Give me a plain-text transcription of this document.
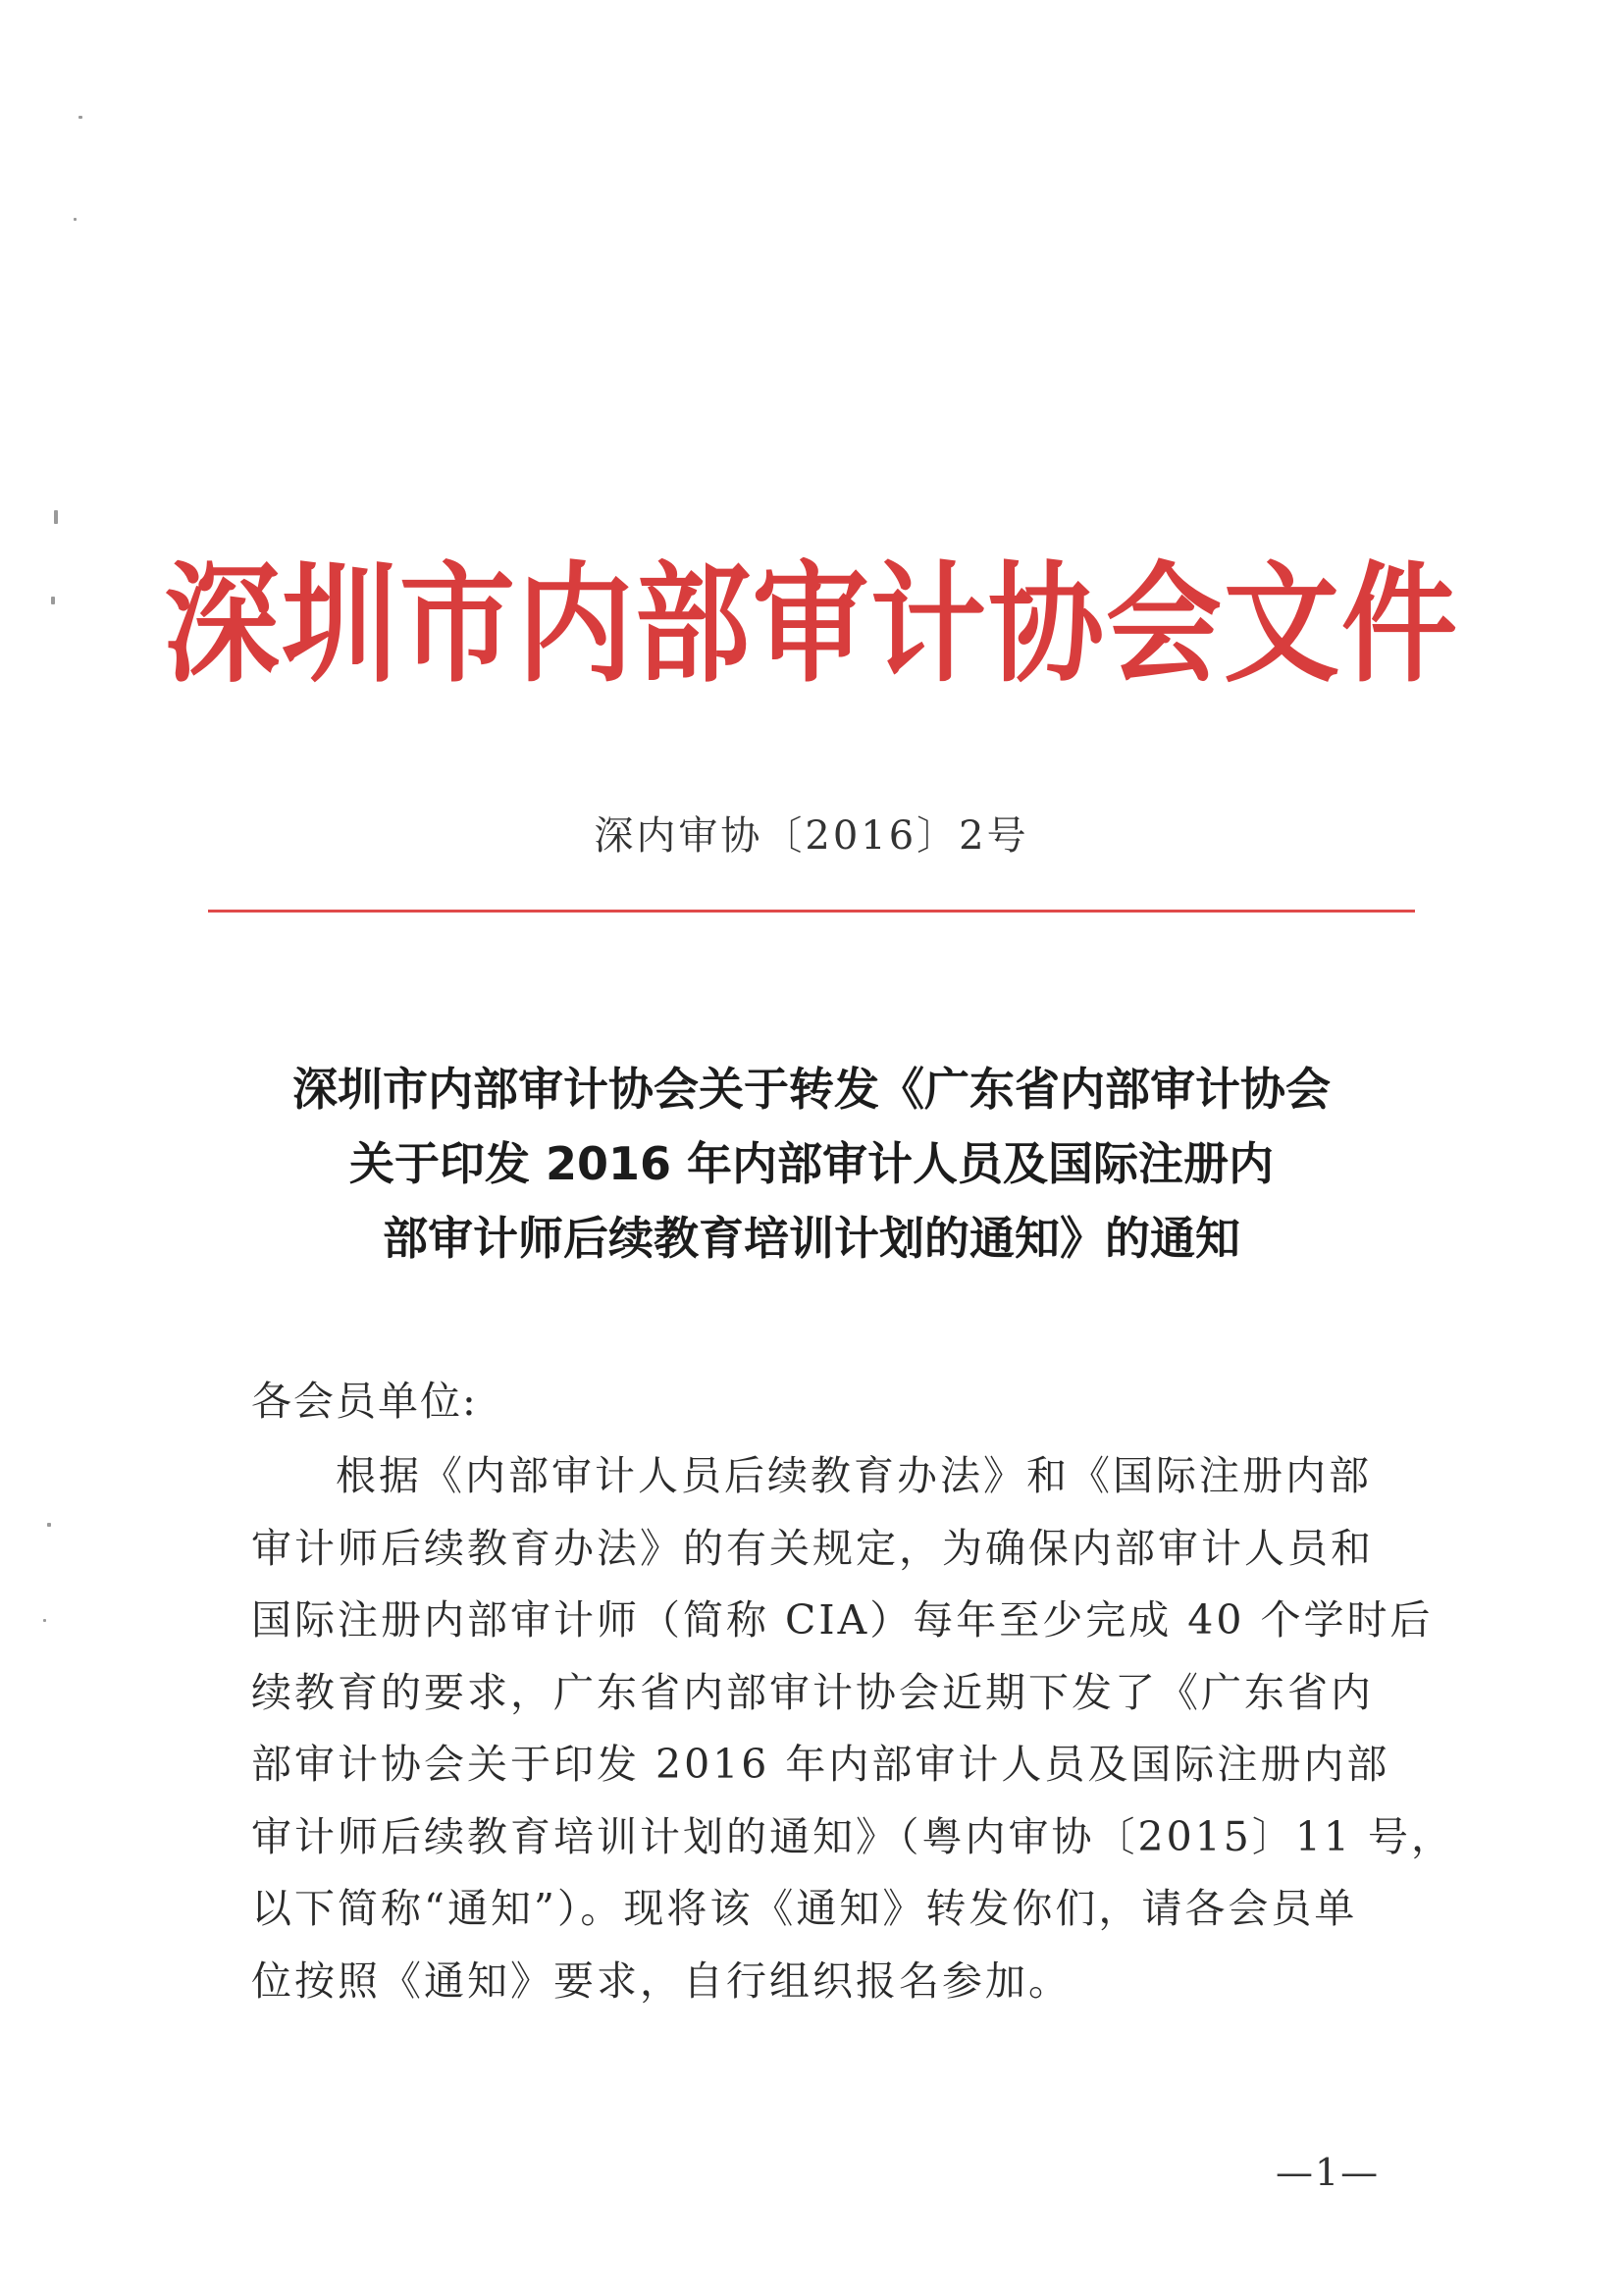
深圳市内部审计协会文件
深内审协〔2016〕2号
深圳市内部审计协会关于转发《广东省内部审计协会
关于印发 2016 年内部审计人员及国际注册内
部审计师后续教育培训计划的通知》的通知
各会员单位:
根据《内部审计人员后续教育办法》和《国际注册内部
审计师后续教育办法》的有关规定，为确保内部审计人员和
国际注册内部审计师（简称 CIA）每年至少完成 40 个学时后
续教育的要求，广东省内部审计协会近期下发了《广东省内
部审计协会关于印发 2016 年内部审计人员及国际注册内部
审计师后续教育培训计划的通知》（粤内审协〔2015〕11 号，
以下简称“通知”）。现将该《通知》转发你们，请各会员单
位按照《通知》要求，自行组织报名参加。
—1—
